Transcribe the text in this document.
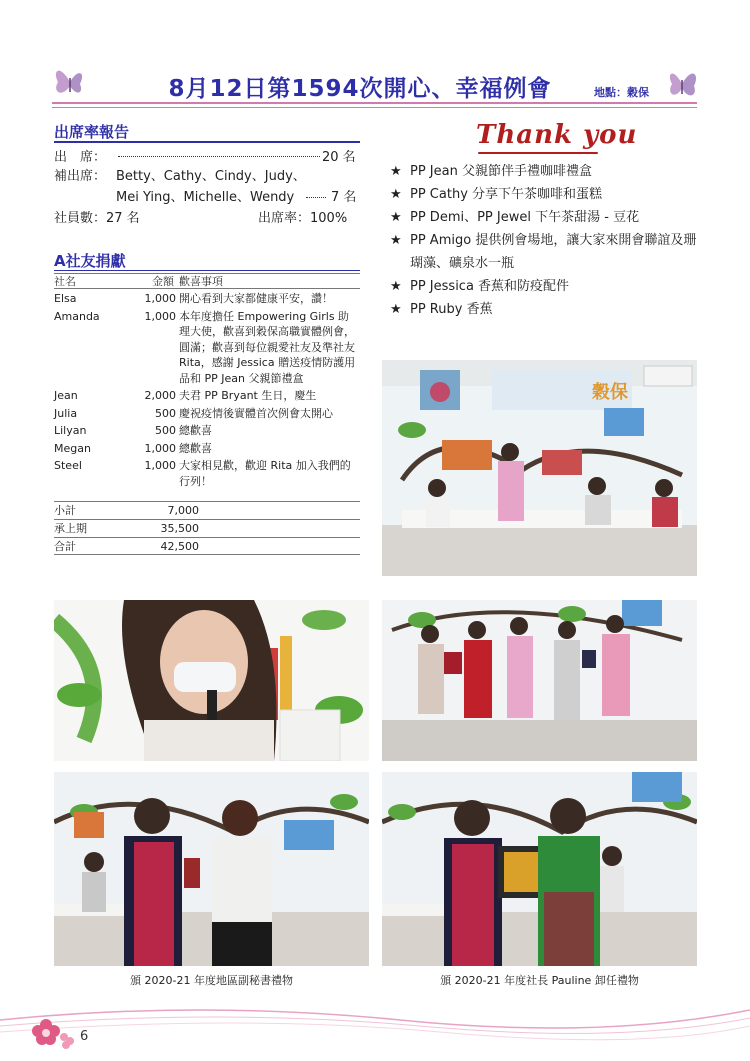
8月12日第1594次開心、幸福例會	地點：穀保
出席率報告
出　席：	20 名
補出席： Betty、Cathy、Cindy、Judy、
Mei Ying、Michelle、Wendy	7 名
社員數：27 名	出席率：100%
A社友捐獻
社名	金額 歡喜事項
Elsa	1,000 開心看到大家都健康平安，讚！
Amanda	1,000 本年度擔任 Empowering Girls 助理大使，歡喜到穀保高職實體例會，圓滿；歡喜到每位親愛社友及準社友 Rita，感謝 Jessica 贈送疫情防護用品和 PP Jean 父親節禮盒
Jean	2,000 夫君 PP Bryant 生日，慶生
Julia	500 慶祝疫情後實體首次例會太開心
Lilyan	500 總歡喜
Megan	1,000 總歡喜
Steel	1,000 大家相見歡，歡迎 Rita 加入我們的行列！
小計	7,000
承上期	35,500
合計	42,500
Thank you
★ PP Jean 父親節伴手禮咖啡禮盒
★ PP Cathy 分享下午茶咖啡和蛋糕
★ PP Demi、PP Jewel 下午茶甜湯 - 豆花
★ PP Amigo 提供例會場地，讓大家來開會聯誼及珊瑚藻、礦泉水一瓶
★ PP Jessica 香蕉和防疫配件
★ PP Ruby 香蕉
穀保
頒 2020-21 年度地區副秘書禮物	頒 2020-21 年度社長 Pauline 卸任禮物
6
